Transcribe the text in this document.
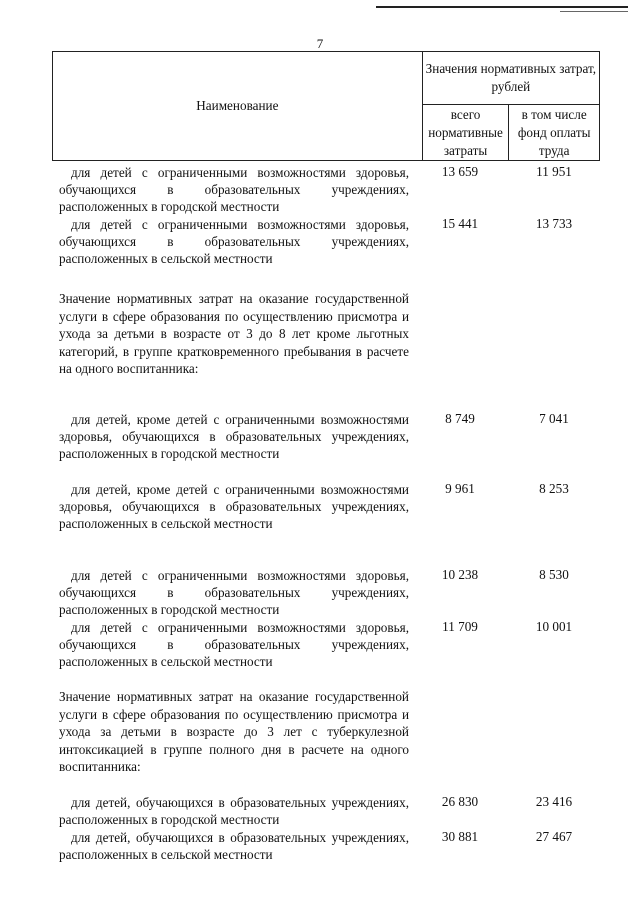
7
Наименование	Значения нормативных затрат, рублей	
	всего нормативные затраты	в том числе фонд оплаты труда
для детей с ограниченными возможностями здоровья, обучающихся в образовательных учреждениях, расположенных в городской местности
13 659	11 951
для детей с ограниченными возможностями здоровья, обучающихся в образовательных учреждениях, расположенных в сельской местности
15 441	13 733
Значение нормативных затрат на оказание государственной услуги в сфере образования по осуществлению присмотра и ухода за детьми в возрасте от 3 до 8 лет кроме льготных категорий, в группе кратковременного пребывания в расчете на одного воспитанника:
для детей, кроме детей с ограниченными возможностями здоровья, обучающихся в образовательных учреждениях, расположенных в городской местности
8 749	7 041
для детей, кроме детей с ограниченными возможностями здоровья, обучающихся в образовательных учреждениях, расположенных в сельской местности
9 961	8 253
для детей с ограниченными возможностями здоровья, обучающихся в образовательных учреждениях, расположенных в городской местности
10 238	8 530
для детей с ограниченными возможностями здоровья, обучающихся в образовательных учреждениях, расположенных в сельской местности
11 709	10 001
Значение нормативных затрат на оказание государственной услуги в сфере образования по осуществлению присмотра и ухода за детьми в возрасте до 3 лет с туберкулезной интоксикацией в группе полного дня в расчете на одного воспитанника:
для детей, обучающихся в образовательных учреждениях, расположенных в городской местности
26 830	23 416
для детей, обучающихся в образовательных учреждениях, расположенных в сельской местности
30 881	27 467
